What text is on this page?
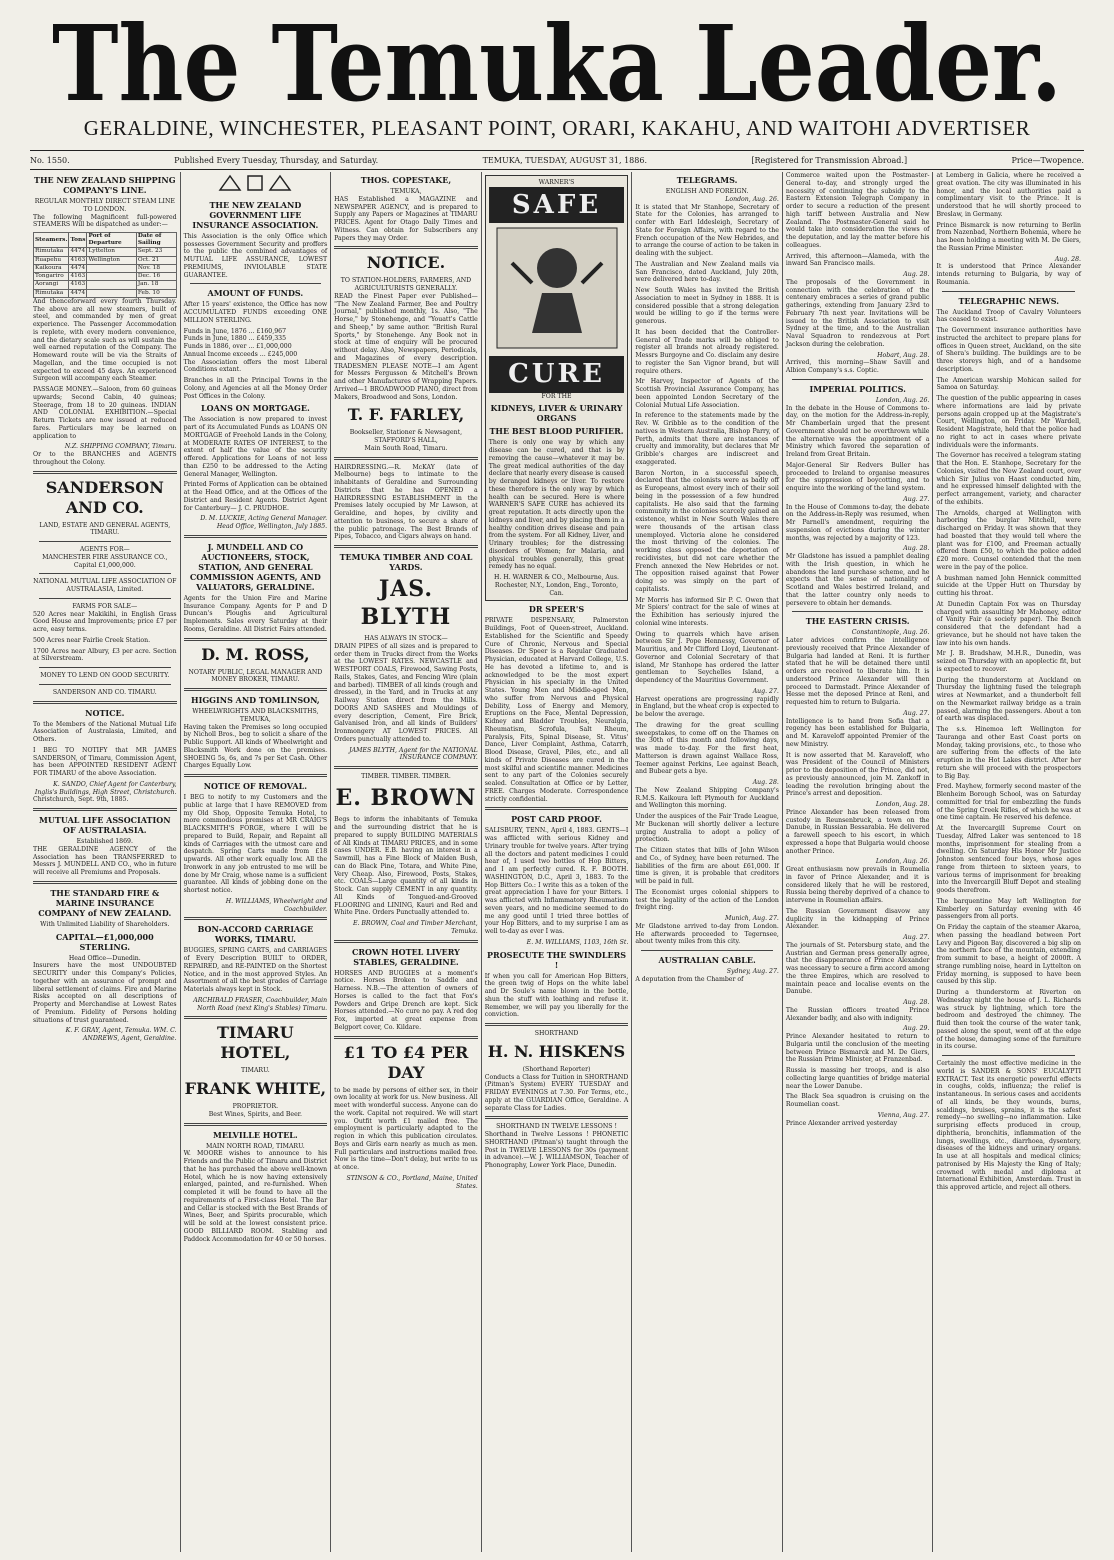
The Temuka Leader.
GERALDINE, WINCHESTER, PLEASANT POINT, ORARI, KAKAHU, AND WAITOHI ADVERTISER
No. 1550.	Published Every Tuesday, Thursday, and Saturday.	TEMUKA, TUESDAY, AUGUST 31, 1886.	[Registered for Transmission Abroad.]	Price—Twopence.
THE NEW ZEALAND SHIPPING COMPANY'S LINE.
REGULAR MONTHLY DIRECT STEAM LINE TO LONDON.

The following Magnificent full-powered STEAMERS Will be dispatched as under:—

Steamers.	Tons	Port of Departure	Date of Sailing
Rimutaka	4474	Lyttelton	Sept. 23
Ruapehu	4163	Wellington	Oct. 21
Kaikoura	4474		Nov. 18
Tongariro	4163		Dec. 16
Aorangi	4163		Jan. 18
Rimutaka	4474		Feb. 10

And thenceforward every fourth Thursday. The above are all new steamers, built of steel, and commanded by men of great experience. The Passenger Accommodation is replete, with every modern convenience, and the dietary scale such as will sustain the well earned reputation of the Company. The Homeward route will be via the Straits of Magellan, and the time occupied is not expected to exceed 45 days. An experienced Surgeon will accompany each Steamer.

PASSAGE MONEY.—Saloon, from 60 guineas upwards; Second Cabin, 40 guineas; Steerage, from 18 to 20 guineas. INDIAN AND COLONIAL EXHIBITION.—Special Return Tickets are now issued at reduced fares. Particulars may be learned on application to

N.Z. SHIPPING COMPANY, Timaru.

Or to the BRANCHES and AGENTS throughout the Colony.

SANDERSON AND CO.
LAND, ESTATE AND GENERAL AGENTS, TIMARU.
AGENTS FOR—
MANCHESTER FIRE ASSURANCE CO., Capital £1,000,000.
NATIONAL MUTUAL LIFE ASSOCIATION OF AUSTRALASIA, Limited.
FARMS FOR SALE—

520 Acres near Makikihi, in English Grass Good House and Improvements; price £7 per acre, easy terms.

500 Acres near Fairlie Creek Station.

1700 Acres near Albury, £3 per acre. Section at Silverstream.

MONEY TO LEND ON GOOD SECURITY.
SANDERSON AND CO. TIMARU.
NOTICE.

To the Members of the National Mutual Life Association of Australasia, Limited, and Others.

I BEG TO NOTIFY that MR JAMES SANDERSON, of Timaru, Commission Agent, has been APPOINTED RESIDENT AGENT FOR TIMARU of the above Association.

K. SANDO, Chief Agent for Canterbury, Inglis's Buildings, High Street, Christchurch.

Christchurch, Sept. 9th, 1885.

MUTUAL LIFE ASSOCIATION OF AUSTRALASIA.
Established 1869.

THE GERALDINE AGENCY of the Association has been TRANSFERRED to Messrs J. MUNDELL AND CO., who in future will receive all Premiums and Proposals.

THE STANDARD FIRE & MARINE INSURANCE COMPANY of NEW ZEALAND.
With Unlimited Liability of Shareholders.
CAPITAL—£1,000,000 STERLING.
Head Office—Dunedin.

Insurers have the most UNDOUBTED SECURITY under this Company's Policies, together with an assurance of prompt and liberal settlement of claims. Fire and Marine Risks accepted on all descriptions of Property and Merchandise at Lowest Rates of Premium. Fidelity of Persons holding situations of trust guaranteed.

K. F. GRAY, Agent, Temuka. WM. C. ANDREWS, Agent, Geraldine.
THE NEW ZEALAND GOVERNMENT LIFE INSURANCE ASSOCIATION.

This Association is the only Office which possesses Government Security and proffers to the public the combined advantages of MUTUAL LIFE ASSURANCE, LOWEST PREMIUMS, INVIOLABLE STATE GUARANTEE.

AMOUNT OF FUNDS.

After 15 years' existence, the Office has now ACCUMULATED FUNDS exceeding ONE MILLION STERLING.

Funds in June, 1876 ... £160,967
Funds in June, 1880 ... £459,335
Funds in 1886, over ... £1,000,000
Annual Income exceeds ... £245,000

The Association offers the most Liberal Conditions extant.

Branches in all the Principal Towns in the Colony, and Agencies at all the Money Order Post Offices in the Colony.

LOANS ON MORTGAGE.

The Association is now prepared to invest part of its Accumulated Funds as LOANS ON MORTGAGE of Freehold Lands in the Colony, at MODERATE RATES OF INTEREST, to the extent of half the value of the security offered. Applications for Loans of not less than £250 to be addressed to the Acting General Manager, Wellington.

Printed Forms of Application can be obtained at the Head Office, and at the Offices of the District and Resident Agents. District Agent for Canterbury— J. C. PRUDHOE.

D. M. LUCKIE, Acting General Manager. Head Office, Wellington, July 1885.
J. MUNDELL AND CO AUCTIONEERS, STOCK, STATION, AND GENERAL COMMISSION AGENTS, AND VALUATORS, GERALDINE.

Agents for the Union Fire and Marine Insurance Company. Agents for P and D Duncan's Ploughs and Agricultural Implements. Sales every Saturday at their Rooms, Geraldine. All District Fairs attended.

D. M. ROSS,
NOTARY PUBLIC, LEGAL MANAGER AND MONEY BROKER, TIMARU.
HIGGINS AND TOMLINSON,
WHEELWRIGHTS AND BLACKSMITHS, TEMUKA,

Having taken the Premises so long occupied by Nicholl Bros., beg to solicit a share of the Public Support. All kinds of Wheelwright and Blacksmith Work done on the premises. SHOEING 5s, 6s, and 7s per Set Cash. Other Charges Equally Low.

NOTICE OF REMOVAL.

I BEG to notify to my Customers and the public at large that I have REMOVED from my Old Shop, Opposite Temuka Hotel, to more commodious premises at MR CRAIG'S BLACKSMITH'S FORGE, where I will be prepared to Build, Repair, and Repaint all kinds of Carriages with the utmost care and despatch. Spring Carts made from £18 upwards. All other work equally low. All the Ironwork in any job entrusted to me will be done by Mr Craig, whose name is a sufficient guarantee. All kinds of jobbing done on the shortest notice.

H. WILLIAMS, Wheelwright and Coachbuilder.
BON-ACCORD CARRIAGE WORKS, TIMARU.

BUGGIES, SPRING CARTS, and CARRIAGES of Every Description BUILT to ORDER, REPAIRED, and RE-PAINTED on the Shortest Notice, and in the most approved Styles. An Assortment of all the best grades of Carriage Materials always kept in Stock.

ARCHIBALD FRASER, Coachbuilder, Main North Road (next King's Stables) Timaru.
TIMARU HOTEL,
TIMARU.
FRANK WHITE,
PROPRIETOR.
Best Wines, Spirits, and Beer.
MELVILLE HOTEL.
MAIN NORTH ROAD, TIMARU.

W. MOORE wishes to announce to his Friends and the Public of Timaru and District that he has purchased the above well-known Hotel, which he is now having extensively enlarged, painted, and re-furnished. When completed it will be found to have all the requirements of a First-class Hotel. The Bar and Cellar is stocked with the Best Brands of Wines, Beer, and Spirits procurable, which will be sold at the lowest consistent price. GOOD BILLIARD ROOM. Stabling and Paddock Accommodation for 40 or 50 horses.

THOS. COPESTAKE,
TEMUKA,

HAS Established a MAGAZINE and NEWSPAPER AGENCY, and is prepared to Supply any Papers or Magazines at TIMARU PRICES. Agent for Otago Daily Times and Witness. Can obtain for Subscribers any Papers they may Order.

NOTICE.
TO STATION-HOLDERS, FARMERS, AND AGRICULTURISTS GENERALLY.

READ the Finest Paper ever Published— "The New Zealand Farmer, Bee and Poultry Journal," published monthly, 1s. Also, "The Horse," by Stonehenge, and "Youatt's Cattle and Sheep," by same author. "British Rural Sports," by Stonehenge. Any Book not in stock at time of enquiry will be procured without delay. Also, Newspapers, Periodicals, and Magazines of every description. TRADESMEN PLEASE NOTE—I am Agent for Messrs Fergusson & Mitchell's Brown and other Manufactures of Wrapping Papers. Arrived—1 BROADWOOD PIANO, direct from Makers, Broadwood and Sons, London.

T. F. FARLEY,
Bookseller, Stationer & Newsagent, STAFFORD'S HALL,
Main South Road, Timaru.

HAIRDRESSING.—R. McKAY (late of Melbourne) begs to intimate to the inhabitants of Geraldine and Surrounding Districts that he has OPENED a HAIRDRESSING ESTABLISHMENT in the Premises lately occupied by Mr Lawson, at Geraldine, and hopes, by civility and attention to business, to secure a share of the public patronage. The Best Brands of Pipes, Tobacco, and Cigars always on hand.

TEMUKA TIMBER AND COAL YARDS.
JAS. BLYTH
HAS ALWAYS IN STOCK—

DRAIN PIPES of all sizes and is prepared to order them in Trucks direct from the Works at the LOWEST RATES. NEWCASTLE and WESTPORT COALS, Firewood, Sawing Posts, Rails, Stakes, Gates, and Fencing Wire (plain and barbed). TIMBER of all kinds (rough and dressed), in the Yard, and in Trucks at any Railway Station direct from the Mills. DOORS AND SASHES and Mouldings of every description, Cement, Fire Brick, Galvanised Iron, and all kinds of Builders' Ironmongery AT LOWEST PRICES. All Orders punctually attended to.

JAMES BLYTH, Agent for the NATIONAL INSURANCE COMPANY.
TIMBER. TIMBER. TIMBER.
E. BROWN

Begs to inform the inhabitants of Temuka and the surrounding district that he is prepared to supply BUILDING MATERIALS of All Kinds at TIMARU PRICES, and in some cases UNDER. E.B. having an interest in a Sawmill, has a Fine Block of Maiden Bush, can do Black Pine, Totara, and White Pine, Very Cheap. Also, Firewood, Posts, Stakes, etc. COALS—Large quantity of all kinds in Stock. Can supply CEMENT in any quantity. All Kinds of Tongued-and-Grooved FLOORING and LINING, Kauri and Red and White Pine. Orders Punctually attended to.

E. BROWN, Coal and Timber Merchant, Temuka.
CROWN HOTEL LIVERY STABLES, GERALDINE.

HORSES AND BUGGIES at a moment's notice. Horses Broken to Saddle and Harness. N.B.—The attention of owners of Horses is called to the fact that Fox's Powders and Gripe Drench are kept. Sick Horses attended.—No cure no pay. A red dog Fox, imported at great expense from Belgport cover, Co. Kildare.

£1 TO £4 PER DAY

to be made by persons of either sex, in their own locality at work for us. New business. All meet with wonderful success. Anyone can do the work. Capital not required. We will start you. Outfit worth £1 mailed free. The employment is particularly adapted to the region in which this publication circulates. Boys and Girls earn nearly as much as men. Full particulars and instructions mailed free. Now is the time—Don't delay, but write to us at once.

STINSON & CO., Portland, Maine, United States.
WARNER'S
SAFE
CURE
FOR THE
KIDNEYS, LIVER & URINARY ORGANS
THE BEST BLOOD PURIFIER.

There is only one way by which any disease can be cured, and that is by removing the cause—whatever it may be. The great medical authorities of the day declare that nearly every disease is caused by deranged kidneys or liver. To restore these therefore is the only way by which health can be secured. Here is where WARNER'S SAFE CURE has achieved its great reputation. It acts directly upon the kidneys and liver, and by placing them in a healthy condition drives disease and pain from the system. For all Kidney, Liver, and Urinary troubles; for the distressing disorders of Women; for Malaria, and physical troubles generally, this great remedy has no equal.

H. H. WARNER & CO., Melbourne, Aus. Rochester, N.Y., London, Eng., Toronto, Can.
DR SPEER'S

PRIVATE DISPENSARY, Palmerston Buildings, Foot of Queen-street, Auckland. Established for the Scientific and Speedy Cure of Chronic, Nervous and Special Diseases. Dr Speer is a Regular Graduated Physician, educated at Harvard College, U.S. He has devoted a lifetime to, and is acknowledged to be the most expert Physician in his specialty in the United States. Young Men and Middle-aged Men, who suffer from Nervous and Physical Debility, Loss of Energy and Memory, Eruptions on the Face, Mental Depression, Kidney and Bladder Troubles, Neuralgia, Rheumatism, Scrofula, Salt Rheum, Paralysis, Fits, Spinal Disease, St. Vitus' Dance, Liver Complaint, Asthma, Catarrh, Blood Disease, Gravel, Piles, etc., and all kinds of Private Diseases are cured in the most skilful and scientific manner. Medicines sent to any part of the Colonies securely sealed. Consultation at Office or by Letter, FREE. Charges Moderate. Correspondence strictly confidential.

POST CARD PROOF.

SALISBURY, TENN., April 4, 1883. GENTS—I was afflicted with serious Kidney and Urinary trouble for twelve years. After trying all the doctors and patent medicines I could hear of, I used two bottles of Hop Bitters, and I am perfectly cured. R. F. BOOTH. WASHINGTON, D.C., April 3, 1883. To the Hop Bitters Co.: I write this as a token of the great appreciation I have for your Bitters. I was afflicted with Inflammatory Rheumatism seven years, and no medicine seemed to do me any good until I tried three bottles of your Hop Bitters, and to my surprise I am as well to-day as ever I was.

E. M. WILLIAMS, 1103, 16th St.
PROSECUTE THE SWINDLERS !

If when you call for American Hop Bitters, the green twig of Hops on the white label and Dr Soule's name blown in the bottle, shun the stuff with loathing and refuse it. Remember, we will pay you liberally for the conviction.

SHORTHAND
H. N. HISKENS
(Shorthand Reporter)

Conducts a Class for Tuition in SHORTHAND (Pitman's System) EVERY TUESDAY and FRIDAY EVENINGS at 7.30. For Terms, etc., apply at the GUARDIAN Office, Geraldine. A separate Class for Ladies.

SHORTHAND IN TWELVE LESSONS !

Shorthand in Twelve Lessons ! PHONETIC SHORTHAND (Pitman's) taught through the Post in TWELVE LESSONS for 30s (payment in advance).—W. J. WILLIAMSON, Teacher of Phonography, Lower York Place, Dunedin.

TELEGRAMS.
ENGLISH AND FOREIGN.
London, Aug. 26.

It is stated that Mr Stanhope, Secretary of State for the Colonies, has arranged to confer with Earl Iddesleigh, Secretary of State for Foreign Affairs, with regard to the French occupation of the New Hebrides, and to arrange the course of action to be taken in dealing with the subject.

The Australian and New Zealand mails via San Francisco, dated Auckland, July 20th, were delivered here to-day.

New South Wales has invited the British Association to meet in Sydney in 1888. It is considered possible that a strong delegation would be willing to go if the terms were generous.

It has been decided that the Controller-General of Trade marks will be obliged to register all brands not already registered. Messrs Burgoyne and Co. disclaim any desire to register the San Vignor brand, but will require others.

Mr Harvey, Inspector of Agents of the Scottish Provincial Assurance Company, has been appointed London Secretary of the Colonial Mutual Life Association.

In reference to the statements made by the Rev. W. Gribble as to the condition of the natives in Western Australia, Bishop Parry, of Perth, admits that there are instances of cruelty and immorality, but declares that Mr Gribble's charges are indiscreet and exaggerated.

Baron Norton, in a successful speech, declared that the colonists were as badly off as Europeans, almost every inch of their soil being in the possession of a few hundred capitalists. He also said that the farming community in the colonies scarcely gained an existence, whilst in New South Wales there were thousands of the artisan class unemployed. Victoria alone he considered the most thriving of the colonies. The working class opposed the deportation of recidivistes, but did not care whether the French annexed the New Hebrides or not. The opposition raised against that Power doing so was simply on the part of capitalists.

Mr Morris has informed Sir P. C. Owen that Mr Spiers' contract for the sale of wines at the Exhibition has seriously injured the colonial wine interests.

Owing to quarrels which have arisen between Sir J. Pope Hennessy, Governor of Mauritius, and Mr Clifford Lloyd, Lieutenant-Governor and Colonial Secretary of that island, Mr Stanhope has ordered the latter gentleman to Seychelles Island, a dependency of the Mauritius Government.

Aug. 27.

Harvest operations are progressing rapidly in England, but the wheat crop is expected to be below the average.

The drawing for the great sculling sweepstakes, to come off on the Thames on the 30th of this month and following days, was made to-day. For the first heat, Matterson is drawn against Wallace Ross, Teemer against Perkins, Lee against Beach, and Bubear gets a bye.

Aug. 28.

The New Zealand Shipping Company's R.M.S. Kaikoura left Plymouth for Auckland and Wellington this morning.

Under the auspices of the Fair Trade League, Mr Buckenan will shortly deliver a lecture urging Australia to adopt a policy of protection.

The Citizen states that bills of John Wilson and Co., of Sydney, have been returned. The liabilities of the firm are about £61,000. If time is given, it is probable that creditors will be paid in full.

The Economist urges colonial shippers to test the legality of the action of the London freight ring.

Munich, Aug. 27.

Mr Gladstone arrived to-day from London. He afterwards proceeded to Tegernsee, about twenty miles from this city.

AUSTRALIAN CABLE.
Sydney, Aug. 27.

A deputation from the Chamber of

Commerce waited upon the Postmaster-General to-day, and strongly urged the necessity of continuing the subsidy to the Eastern Extension Telegraph Company in order to secure a reduction of the present high tariff between Australia and New Zealand. The Postmaster-General said he would take into consideration the views of the deputation, and lay the matter before his colleagues.

Arrived, this afternoon—Alameda, with the inward San Francisco mails.

Aug. 28.

The proposals of the Government in connection with the celebration of the centenary embraces a series of grand public gatherings, extending from January 23rd to February 7th next year. Invitations will be issued to the British Association to visit Sydney at the time, and to the Australian Naval Squadron to rendezvous at Port Jackson during the celebration.

Hobart, Aug. 28.

Arrived, this morning—Shaw Savill and Albion Company's s.s. Coptic.

IMPERIAL POLITICS.
London, Aug. 26.

In the debate in the House of Commons to-day, on the motion for the Address-in-reply, Mr Chamberlain urged that the present Government should not be overthrown while the alternative was the appointment of a Ministry which favored the separation of Ireland from Great Britain.

Major-General Sir Redvers Buller has proceeded to Ireland to organise measures for the suppression of boycotting, and to enquire into the working of the land system.

Aug. 27.

In the House of Commons to-day, the debate on the Address-in-Reply was resumed, when Mr Parnell's amendment, requiring the suspension of evictions during the winter months, was rejected by a majority of 123.

Aug. 28.

Mr Gladstone has issued a pamphlet dealing with the Irish question, in which he abandons the land purchase scheme, and he expects that the sense of nationality of Scotland and Wales bestirred Ireland, and that the latter country only needs to persevere to obtain her demands.

THE EASTERN CRISIS.
Constantinople, Aug. 26.

Later advices confirm the intelligence previously received that Prince Alexander of Bulgaria had landed at Reni. It is further stated that he will be detained there until orders are received to liberate him. It is understood Prince Alexander will then proceed to Darmstadt. Prince Alexander of Hesse met the deposed Prince at Reni, and requested him to return to Bulgaria.

Aug. 27.

Intelligence is to hand from Sofia that a regency has been established for Bulgaria, and M. Karaveloff appointed Premier of the new Ministry.

It is now asserted that M. Karaveloff, who was President of the Council of Ministers prior to the deposition of the Prince, did not, as previously announced, join M. Zankoff in leading the revolution bringing about the Prince's arrest and deposition.

London, Aug. 28.

Prince Alexander has been released from custody in Reunsenbruck, a town on the Danube, in Russian Bessarabia. He delivered a farewell speech to his escort, in which expressed a hope that Bulgaria would choose another Prince.

London, Aug. 26.

Great enthusiasm now prevails in Roumelia in favor of Prince Alexander, and it is considered likely that he will be restored, Russia being thereby deprived of a chance to intervene in Roumelian affairs.

The Russian Government disavow any duplicity in the kidnapping of Prince Alexander.

Aug. 27.

The journals of St. Petersburg state, and the Austrian and German press generally agree, that the disappearance of Prince Alexander was necessary to secure a firm accord among the three Empires, which are resolved to maintain peace and localise events on the Danube.

Aug. 28.

The Russian officers treated Prince Alexander badly, and also with indignity.

Aug. 29.

Prince Alexander hesitated to return to Bulgaria until the conclusion of the meeting between Prince Bismarck and M. De Giers, the Russian Prime Minister, at Franzenbad.

Russia is massing her troops, and is also collecting large quantities of bridge material near the Lower Danube.

The Black Sea squadron is cruising on the Roumelian coast.

Vienna, Aug. 27.

Prince Alexander arrived yesterday

at Lemberg in Galicia, where he received a great ovation. The city was illuminated in his honor, and the local authorities paid a complimentary visit to the Prince. It is understood that he will shortly proceed to Breslaw, in Germany.

Prince Bismarck is now returning to Berlin from Nazenbad, Northern Bohemia, where he has been holding a meeting with M. De Giers, the Russian Prime Minister.

Aug. 28.

It is understood that Prince Alexander intends returning to Bulgaria, by way of Roumania.

TELEGRAPHIC NEWS.

The Auckland Troop of Cavalry Volunteers has ceased to exist.

The Government insurance authorities have instructed the architect to prepare plans for offices in Queen street, Auckland, on the site of Shera's building. The buildings are to be three storeys high, and of a handsome description.

The American warship Mohican sailed for Samoa on Saturday.

The question of the public appearing in cases where informations are laid by private persons again cropped up at the Magistrate's Court, Wellington, on Friday. Mr Wardell, Resident Magistrate, held that the police had no right to act in cases where private individuals were the informants.

The Governor has received a telegram stating that the Hon. E. Stanhope, Secretary for the Colonies, visited the New Zealand court, over which Sir Julius von Haast conducted him, and he expressed himself delighted with the perfect arrangement, variety, and character of the exhibits.

The Arnolds, charged at Wellington with harboring the burglar Mitchell, were discharged on Friday. It was shown that they had boasted that they would tell where the plant was for £100, and Freeman actually offered them £50, to which the police added £20 more. Counsel contended that the men were in the pay of the police.

A bushman named John Hennick committed suicide at the Upper Hutt on Thursday by cutting his throat.

At Dunedin Captain Fox was on Thursday charged with assaulting Mr Mahoney, editor of Vanity Fair (a society paper). The Bench considered that the defendant had a grievance, but he should not have taken the law into his own hands.

Mr J. B. Bradshaw, M.H.R., Dunedin, was seized on Thursday with an apoplectic fit, but is expected to recover.

During the thunderstorm at Auckland on Thursday the lightning fused the telegraph wires at Newmarket, and a thunderbolt fell on the Newmarket railway bridge as a train passed, alarming the passengers. About a ton of earth was displaced.

The s.s. Hinemoa left Wellington for Tauranga and other East Coast ports on Monday, taking provisions, etc., to those who are suffering from the effects of the late eruption in the Hot Lakes district. After her return she will proceed with the prospectors to Big Bay.

Fred. Mayhew, formerly second master of the Blenheim Borough School, was on Saturday committed for trial for embezzling the funds of the Spring Creek Rifles, of which he was at one time captain. He reserved his defence.

At the Invercargill Supreme Court on Tuesday, Alfred Laker was sentenced to 18 months, imprisonment for stealing from a dwelling. On Saturday His Honor Mr Justice Johnston sentenced four boys, whose ages range from thirteen to sixteen years, to various terms of imprisonment for breaking into the Invercargill Bluff Depot and stealing goods therefrom.

The barquentine May left Wellington for Kimberley on Saturday evening with 46 passengers from all ports.

On Friday the captain of the steamer Akaroa, when passing the headland between Port Levy and Pigeon Bay, discovered a big slip on the northern face of the mountain, extending from summit to base, a height of 2000ft. A strange rumbling noise, heard in Lyttelton on Friday morning, is supposed to have been caused by this slip.

During a thunderstorm at Riverton on Wednesday night the house of J. L. Richards was struck by lightning, which tore the bedroom and destroyed the chimney. The fluid then took the course of the water tank, passed along the spout, went off at the edge of the house, damaging some of the furniture in its course.

Certainly the most effective medicine in the world is SANDER & SONS' EUCALYPTI EXTRACT. Test its energetic powerful effects in coughs, colds, influenza; the relief is instantaneous. In serious cases and accidents of all kinds, be they wounds, burns, scaldings, bruises, sprains, it is the safest remedy—no swelling—no inflammation. Like surprising effects produced in croup, diphtheria, bronchitis, inflammation of the lungs, swellings, etc., diarrhoea, dysentery, diseases of the kidneys and urinary organs. In use at all hospitals and medical clinics; patronised by His Majesty the King of Italy; crowned with medal and diploma at International Exhibition, Amsterdam. Trust in this approved article, and reject all others.
